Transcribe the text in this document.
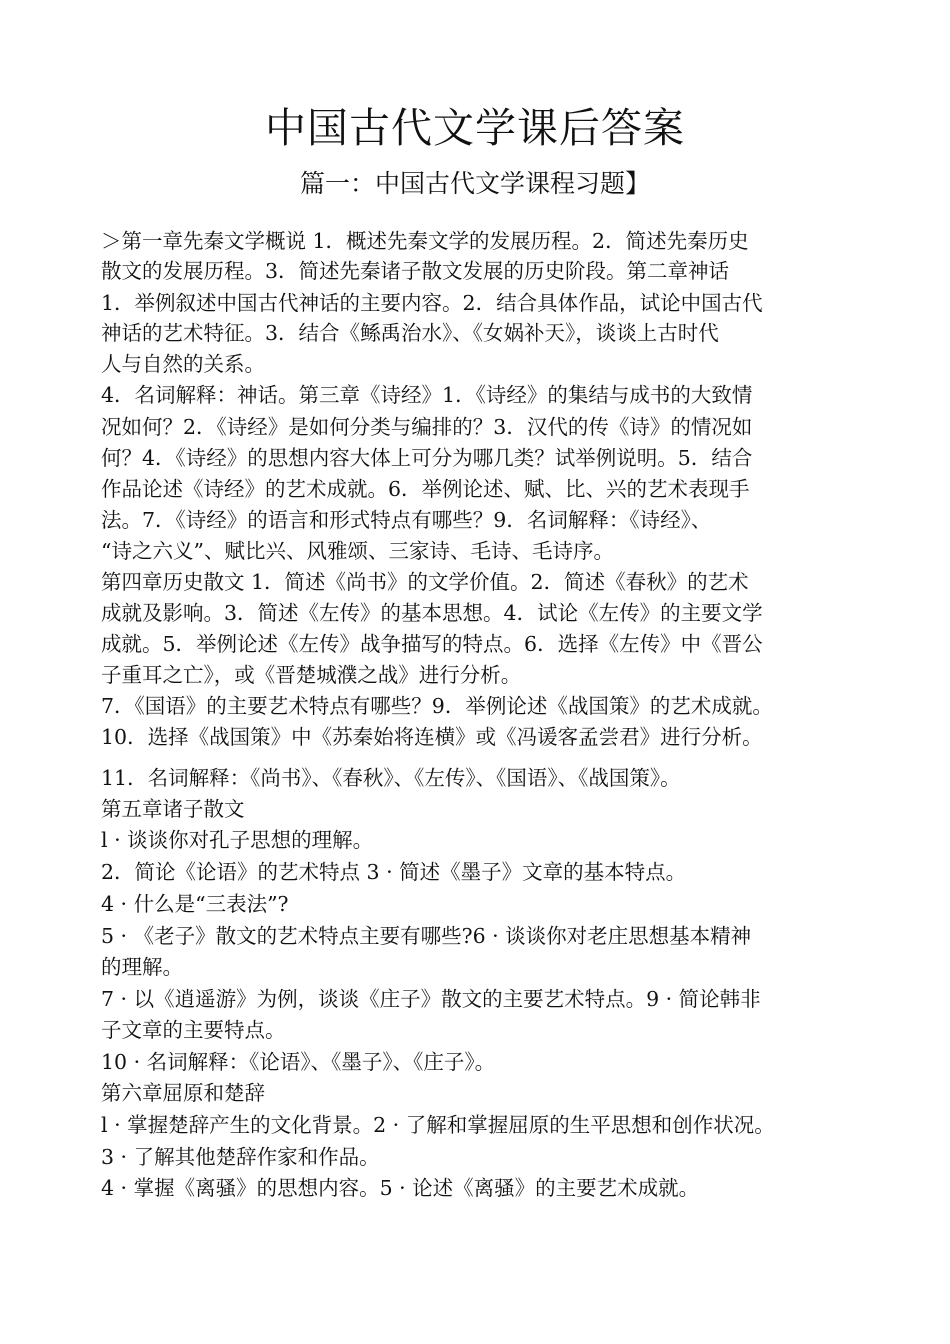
中国古代文学课后答案
篇一：中国古代文学课程习题】
＞第一章先秦文学概说 1．概述先秦文学的发展历程。2．简述先秦历史
散文的发展历程。3．简述先秦诸子散文发展的历史阶段。第二章神话
1．举例叙述中国古代神话的主要内容。2．结合具体作品，试论中国古代
神话的艺术特征。3．结合《鲧禹治水》、《女娲补天》，谈谈上古时代
人与自然的关系。
4．名词解释：神话。第三章《诗经》1．《诗经》的集结与成书的大致情
况如何？2．《诗经》是如何分类与编排的？3．汉代的传《诗》的情况如
何？4．《诗经》的思想内容大体上可分为哪几类？试举例说明。5．结合
作品论述《诗经》的艺术成就。6．举例论述、赋、比、兴的艺术表现手
法。7．《诗经》的语言和形式特点有哪些？9．名词解释：《诗经》、
“诗之六义”、赋比兴、风雅颂、三家诗、毛诗、毛诗序。
第四章历史散文 1．简述《尚书》的文学价值。2．简述《春秋》的艺术
成就及影响。3．简述《左传》的基本思想。4．试论《左传》的主要文学
成就。5．举例论述《左传》战争描写的特点。6．选择《左传》中《晋公
子重耳之亡》，或《晋楚城濮之战》进行分析。
7．《国语》的主要艺术特点有哪些？9．举例论述《战国策》的艺术成就。
10．选择《战国策》中《苏秦始将连横》或《冯谖客孟尝君》进行分析。
11．名词解释：《尚书》、《春秋》、《左传》、《国语》、《战国策》。
第五章诸子散文
l · 谈谈你对孔子思想的理解。
2．简论《论语》的艺术特点 3 · 简述《墨子》文章的基本特点。
4 · 什么是“三表法”?
5 · 《老子》散文的艺术特点主要有哪些?6 · 谈谈你对老庄思想基本精神
的理解。
7 · 以《逍遥游》为例，谈谈《庄子》散文的主要艺术特点。9 · 简论韩非
子文章的主要特点。
10 · 名词解释：《论语》、《墨子》、《庄子》。
第六章屈原和楚辞
l · 掌握楚辞产生的文化背景。2 · 了解和掌握屈原的生平思想和创作状况。
3 · 了解其他楚辞作家和作品。
4 · 掌握《离骚》的思想内容。5 · 论述《离骚》的主要艺术成就。
